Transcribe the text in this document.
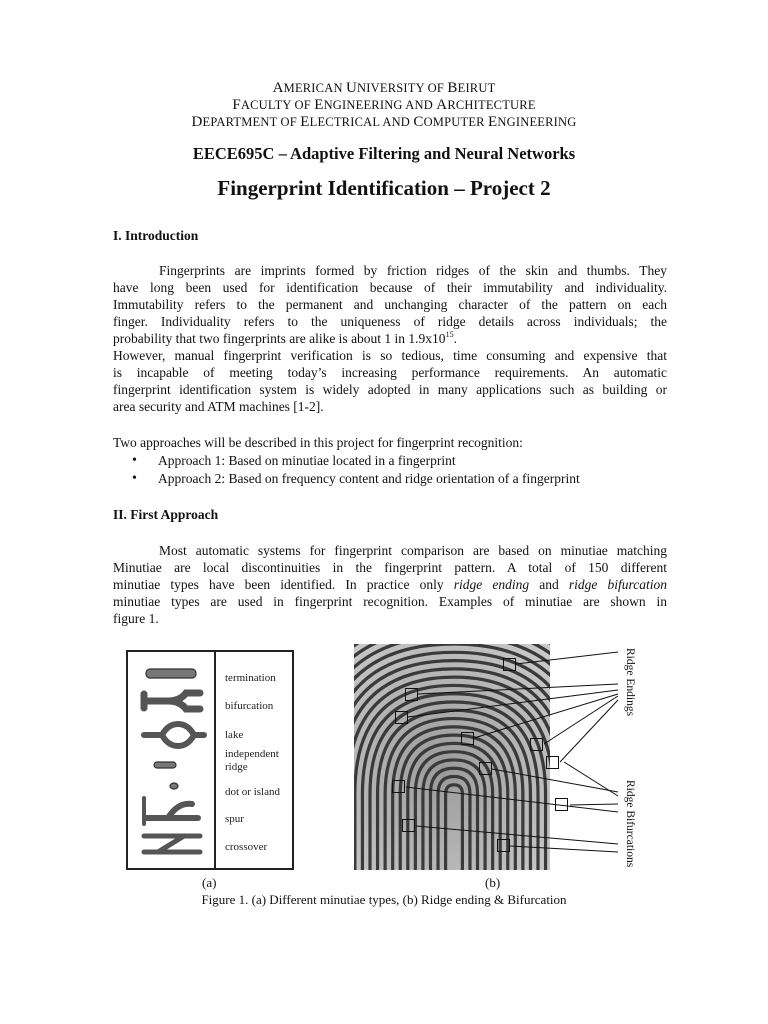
AMERICAN UNIVERSITY OF BEIRUT
FACULTY OF ENGINEERING AND ARCHITECTURE
DEPARTMENT OF ELECTRICAL AND COMPUTER ENGINEERING
EECE695C – Adaptive Filtering and Neural Networks
Fingerprint Identification – Project 2
I. Introduction
Fingerprints are imprints formed by friction ridges of the skin and thumbs. They
have long been used for identification because of their immutability and individuality.
Immutability refers to the permanent and unchanging character of the pattern on each
finger. Individuality refers to the uniqueness of ridge details across individuals; the
probability that two fingerprints are alike is about 1 in $1.9x10^{15}$.
However, manual fingerprint verification is so tedious, time consuming and expensive that
is incapable of meeting today’s increasing performance requirements. An automatic
fingerprint identification system is widely adopted in many applications such as building or
area security and ATM machines [1-2].
Two approaches will be described in this project for fingerprint recognition:
• Approach 1: Based on minutiae located in a fingerprint
• Approach 2: Based on frequency content and ridge orientation of a fingerprint
II. First Approach
Most automatic systems for fingerprint comparison are based on minutiae matching
Minutiae are local discontinuities in the fingerprint pattern. A total of 150 different
minutiae types have been identified. In practice only ridge ending and ridge bifurcation
minutiae types are used in fingerprint recognition. Examples of minutiae are shown in
figure 1.
termination
bifurcation
lake
independent
ridge
dot or island
spur
crossover
Ridge Endings
Ridge Bifurcations
(a)	(b)
Figure 1. (a) Different minutiae types, (b) Ridge ending & Bifurcation
